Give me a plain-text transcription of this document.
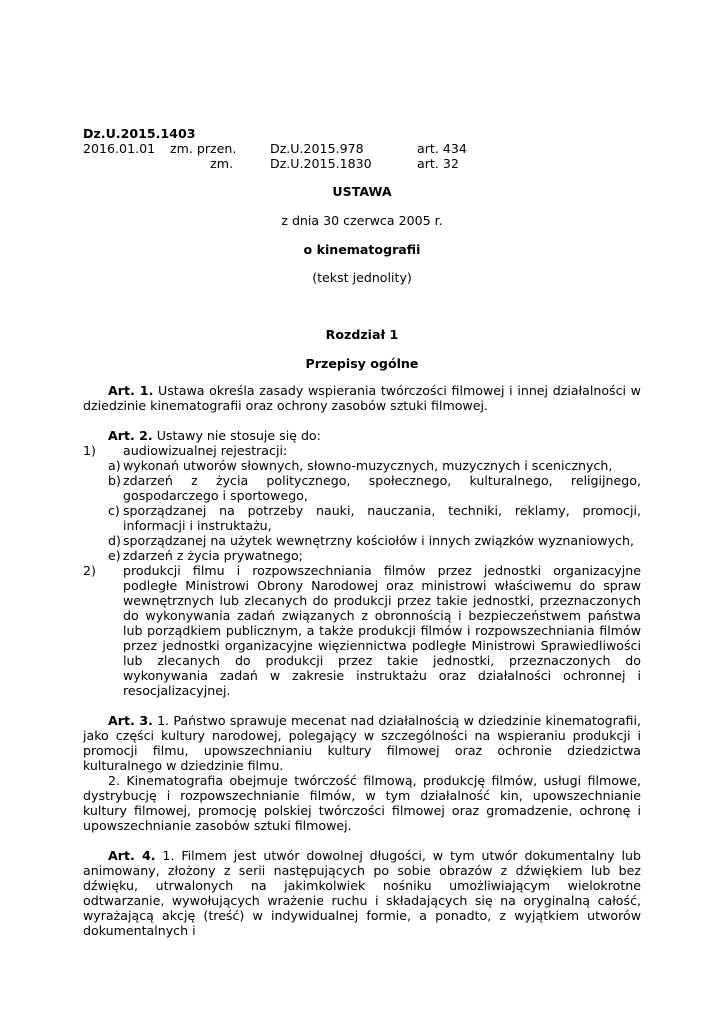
Dz.U.2015.1403
2016.01.01 zm. przen.	Dz.U.2015.978	art. 434
zm.	Dz.U.2015.1830	art. 32
USTAWA
z dnia 30 czerwca 2005 r.
o kinematografii
(tekst jednolity)
Rozdział 1
Przepisy ogólne

Art. 1. Ustawa określa zasady wspierania twórczości filmowej i innej działalności w dziedzinie kinematografii oraz ochrony zasobów sztuki filmowej.

Art. 2. Ustawy nie stosuje się do:

1) audiowizualnej rejestracji:
a) wykonań utworów słownych, słowno-muzycznych, muzycznych i scenicznych,
b) zdarzeń z życia politycznego, społecznego, kulturalnego, religijnego, gospodarczego i sportowego,
c) sporządzanej na potrzeby nauki, nauczania, techniki, reklamy, promocji, informacji i instruktażu,
d) sporządzanej na użytek wewnętrzny kościołów i innych związków wyznaniowych,
e) zdarzeń z życia prywatnego;
2) produkcji filmu i rozpowszechniania filmów przez jednostki organizacyjne podległe Ministrowi Obrony Narodowej oraz ministrowi właściwemu do spraw wewnętrznych lub zlecanych do produkcji przez takie jednostki, przeznaczonych do wykonywania zadań związanych z obronnością i bezpieczeństwem państwa lub porządkiem publicznym, a także produkcji filmów i rozpowszechniania filmów przez jednostki organizacyjne więziennictwa podległe Ministrowi Sprawiedliwości lub zlecanych do produkcji przez takie jednostki, przeznaczonych do wykonywania zadań w zakresie instruktażu oraz działalności ochronnej i resocjalizacyjnej.

Art. 3. 1. Państwo sprawuje mecenat nad działalnością w dziedzinie kinematografii, jako części kultury narodowej, polegający w szczególności na wspieraniu produkcji i promocji filmu, upowszechnianiu kultury filmowej oraz ochronie dziedzictwa kulturalnego w dziedzinie filmu.

2. Kinematografia obejmuje twórczość filmową, produkcję filmów, usługi filmowe, dystrybucję i rozpowszechnianie filmów, w tym działalność kin, upowszechnianie kultury filmowej, promocję polskiej twórczości filmowej oraz gromadzenie, ochronę i upowszechnianie zasobów sztuki filmowej.

Art. 4. 1. Filmem jest utwór dowolnej długości, w tym utwór dokumentalny lub animowany, złożony z serii następujących po sobie obrazów z dźwiękiem lub bez dźwięku, utrwalonych na jakimkolwiek nośniku umożliwiającym wielokrotne odtwarzanie, wywołujących wrażenie ruchu i składających się na oryginalną całość, wyrażającą akcję (treść) w indywidualnej formie, a ponadto, z wyjątkiem utworów dokumentalnych i
